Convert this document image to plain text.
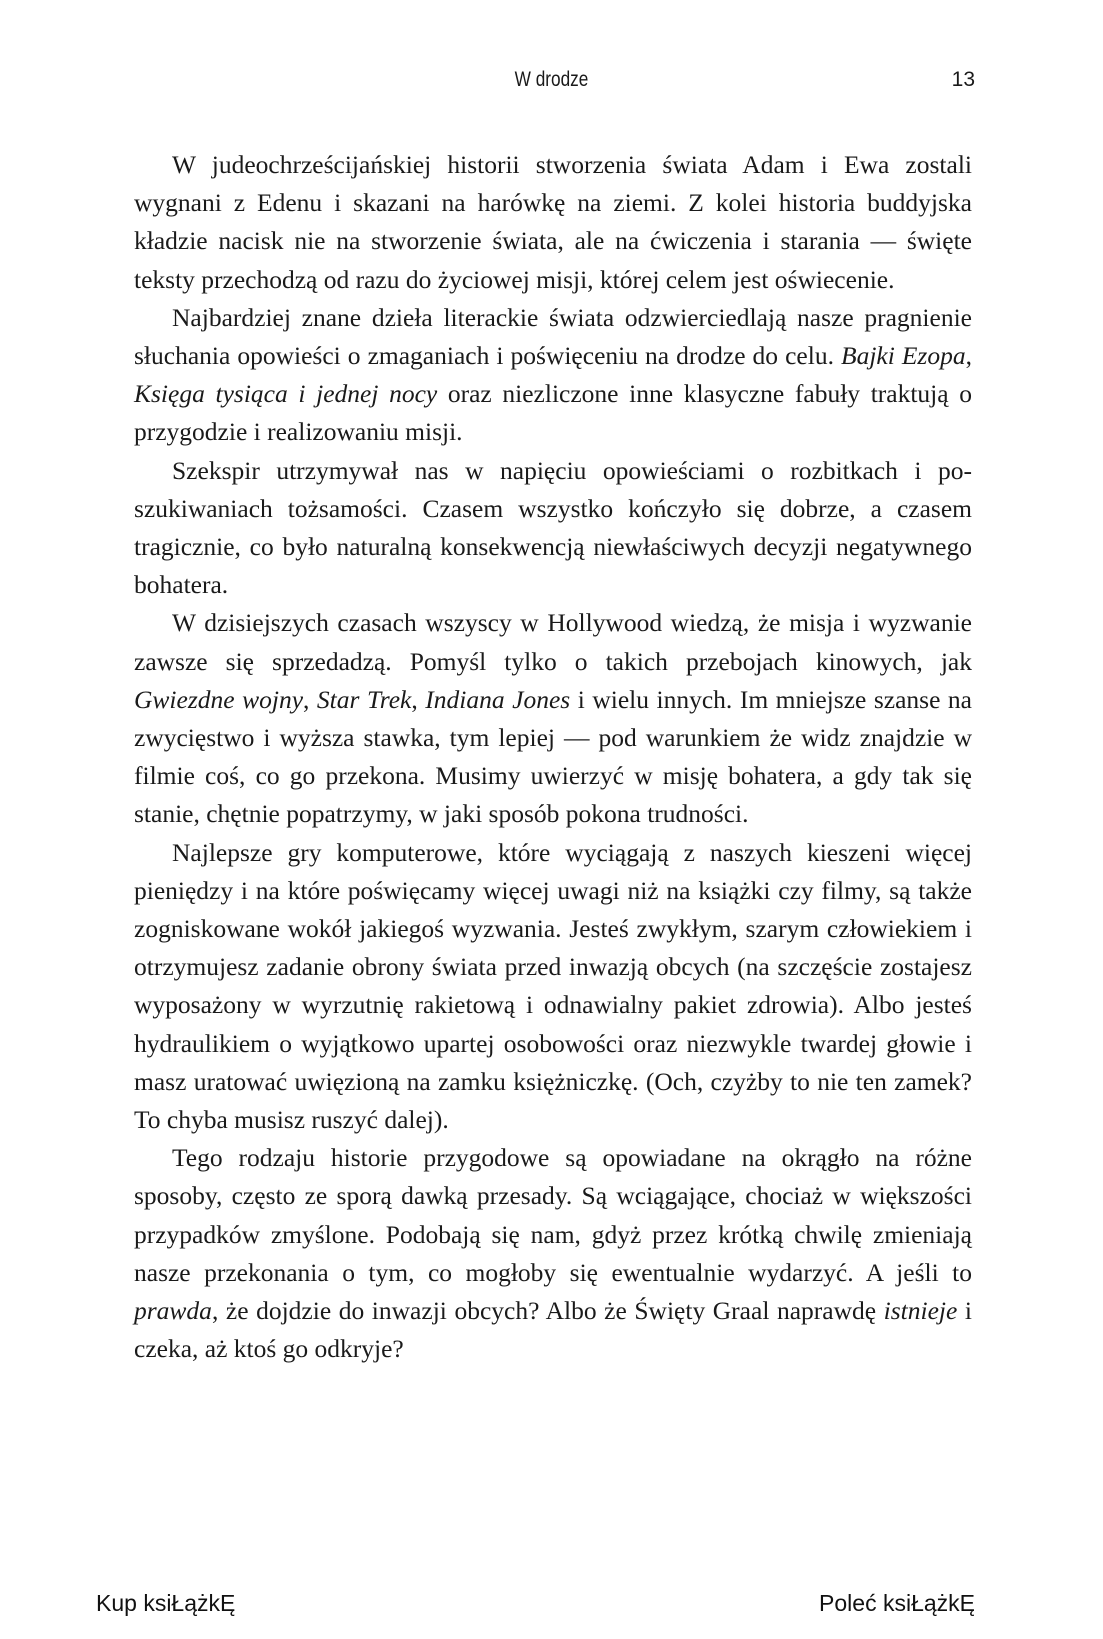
W drodze	13

W judeochrześcijańskiej historii stworzenia świata Adam i Ewa zostali wygnani z Edenu i skazani na harówkę na ziemi. Z kolei historia buddyjska kładzie nacisk nie na stworzenie świata, ale na ćwiczenia i starania — święte teksty przechodzą od razu do życiowej misji, której celem jest oświecenie.

Najbardziej znane dzieła literackie świata odzwierciedlają nasze pragnienie słuchania opowieści o zmaganiach i poświęceniu na drodze do celu. Bajki Ezopa, Księga tysiąca i jednej nocy oraz niezliczone inne klasyczne fabuły traktują o przygodzie i realizowaniu misji.

Szekspir utrzymywał nas w napięciu opowieściami o rozbitkach i poszukiwaniach tożsamości. Czasem wszystko kończyło się dobrze, a czasem tragicznie, co było naturalną konsekwencją niewłaściwych decyzji negatywnego bohatera.

W dzisiejszych czasach wszyscy w Hollywood wiedzą, że misja i wyzwanie zawsze się sprzedadzą. Pomyśl tylko o takich przebojach kinowych, jak Gwiezdne wojny, Star Trek, Indiana Jones i wielu innych. Im mniejsze szanse na zwycięstwo i wyższa stawka, tym lepiej — pod warunkiem że widz znajdzie w filmie coś, co go przekona. Musimy uwierzyć w misję bohatera, a gdy tak się stanie, chętnie popatrzymy, w jaki sposób pokona trudności.

Najlepsze gry komputerowe, które wyciągają z naszych kieszeni więcej pieniędzy i na które poświęcamy więcej uwagi niż na książki czy filmy, są także zogniskowane wokół jakiegoś wyzwania. Jesteś zwykłym, szarym człowiekiem i otrzymujesz zadanie obrony świata przed inwazją obcych (na szczęście zostajesz wyposażony w wyrzutnię rakietową i odnawialny pakiet zdrowia). Albo jesteś hydraulikiem o wyjątkowo upartej osobowości oraz niezwykle twardej głowie i masz uratować uwięzioną na zamku księżniczkę. (Och, czyżby to nie ten zamek? To chyba musisz ruszyć dalej).

Tego rodzaju historie przygodowe są opowiadane na okrągło na różne sposoby, często ze sporą dawką przesady. Są wciągające, chociaż w większości przypadków zmyślone. Podobają się nam, gdyż przez krótką chwilę zmieniają nasze przekonania o tym, co mogłoby się ewentualnie wydarzyć. A jeśli to prawda, że dojdzie do inwazji obcych? Albo że Święty Graal naprawdę istnieje i czeka, aż ktoś go odkryje?

Kup ksiŁążkĘ	Poleć ksiŁążkĘ
